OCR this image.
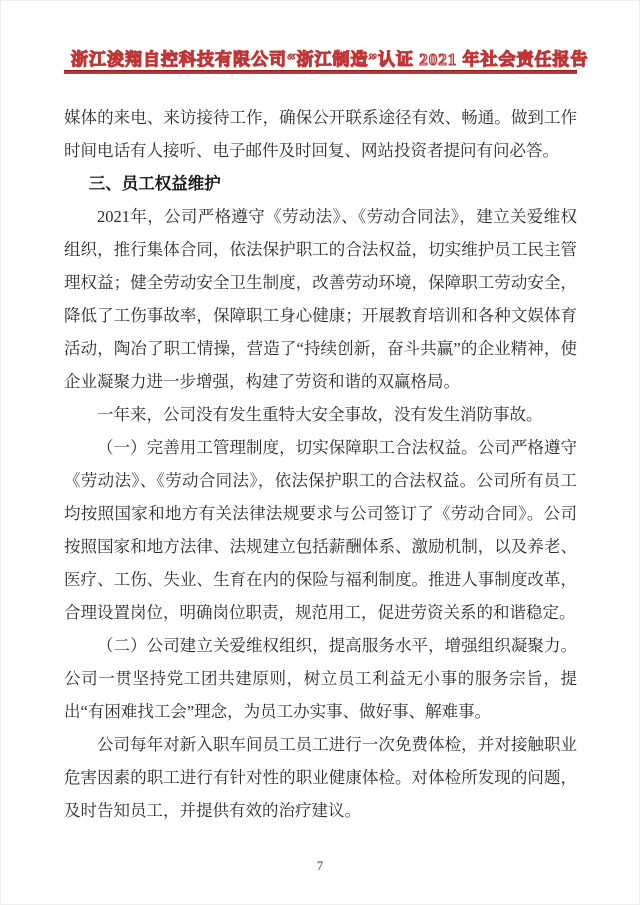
浙江浚翔自控科技有限公司 “浙江制造”认证 2021 年社会责任报告

媒体的来电、来访接待工作，确保公开联系途径有效、畅通。做到工作时间电话有人接听、电子邮件及时回复、网站投资者提问有问必答。

三、员工权益维护

2021年，公司严格遵守《劳动法》、《劳动合同法》，建立关爱维权组织，推行集体合同，依法保护职工的合法权益，切实维护员工民主管理权益；健全劳动安全卫生制度，改善劳动环境，保障职工劳动安全，降低了工伤事故率，保障职工身心健康；开展教育培训和各种文娱体育活动，陶冶了职工情操，营造了“持续创新，奋斗共赢”的企业精神，使企业凝聚力进一步增强，构建了劳资和谐的双赢格局。

一年来，公司没有发生重特大安全事故，没有发生消防事故。

（一）完善用工管理制度，切实保障职工合法权益。公司严格遵守《劳动法》、《劳动合同法》，依法保护职工的合法权益。公司所有员工均按照国家和地方有关法律法规要求与公司签订了《劳动合同》。公司按照国家和地方法律、法规建立包括薪酬体系、激励机制，以及养老、医疗、工伤、失业、生育在内的保险与福利制度。推进人事制度改革，合理设置岗位，明确岗位职责，规范用工，促进劳资关系的和谐稳定。

（二）公司建立关爱维权组织，提高服务水平，增强组织凝聚力。公司一贯坚持党工团共建原则，树立员工利益无小事的服务宗旨，提出“有困难找工会”理念，为员工办实事、做好事、解难事。

公司每年对新入职车间员工员工进行一次免费体检，并对接触职业危害因素的职工进行有针对性的职业健康体检。对体检所发现的问题，及时告知员工，并提供有效的治疗建议。

7
